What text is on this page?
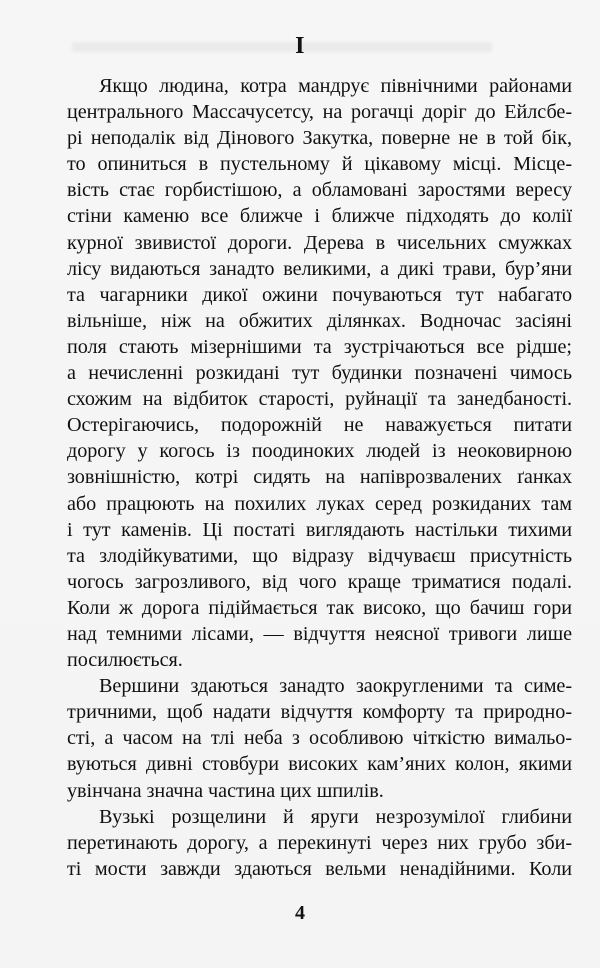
I

Якщо людина, котра мандрує північними районами
центрального Массачусетсу, на рогачці доріг до Ейлсбе-
рі неподалік від Дінового Закутка, поверне не в той бік,
то опиниться в пустельному й цікавому місці. Місце-
вість стає горбистішою, а обламовані заростями вересу
стіни каменю все ближче і ближче підходять до колії
курної звивистої дороги. Дерева в чисельних смужках
лісу видаються занадто великими, а дикі трави, бур’яни
та чагарники дикої ожини почуваються тут набагато
вільніше, ніж на обжитих ділянках. Водночас засіяні
поля стають мізернішими та зустрічаються все рідше;
а нечисленні розкидані тут будинки позначені чимось
схожим на відбиток старості, руйнації та занедбаності.
Остерігаючись, подорожній не наважується питати
дорогу у когось із поодиноких людей із неоковирною
зовнішністю, котрі сидять на напіврозвалених ґанках
або працюють на похилих луках серед розкиданих там
і тут каменів. Ці постаті виглядають настільки тихими
та злодійкуватими, що відразу відчуваєш присутність
чогось загрозливого, від чого краще триматися подалі.
Коли ж дорога підіймається так високо, що бачиш гори
над темними лісами, — відчуття неясної тривоги лише
посилюється.

Вершини здаються занадто заокругленими та симе-
тричними, щоб надати відчуття комфорту та природно-
сті, а часом на тлі неба з особливою чіткістю вимальо-
вуються дивні стовбури високих кам’яних колон, якими
увінчана значна частина цих шпилів.

Вузькі розщелини й яруги незрозумілої глибини
перетинають дорогу, а перекинуті через них грубо зби-
ті мости завжди здаються вельми ненадійними. Коли

4
